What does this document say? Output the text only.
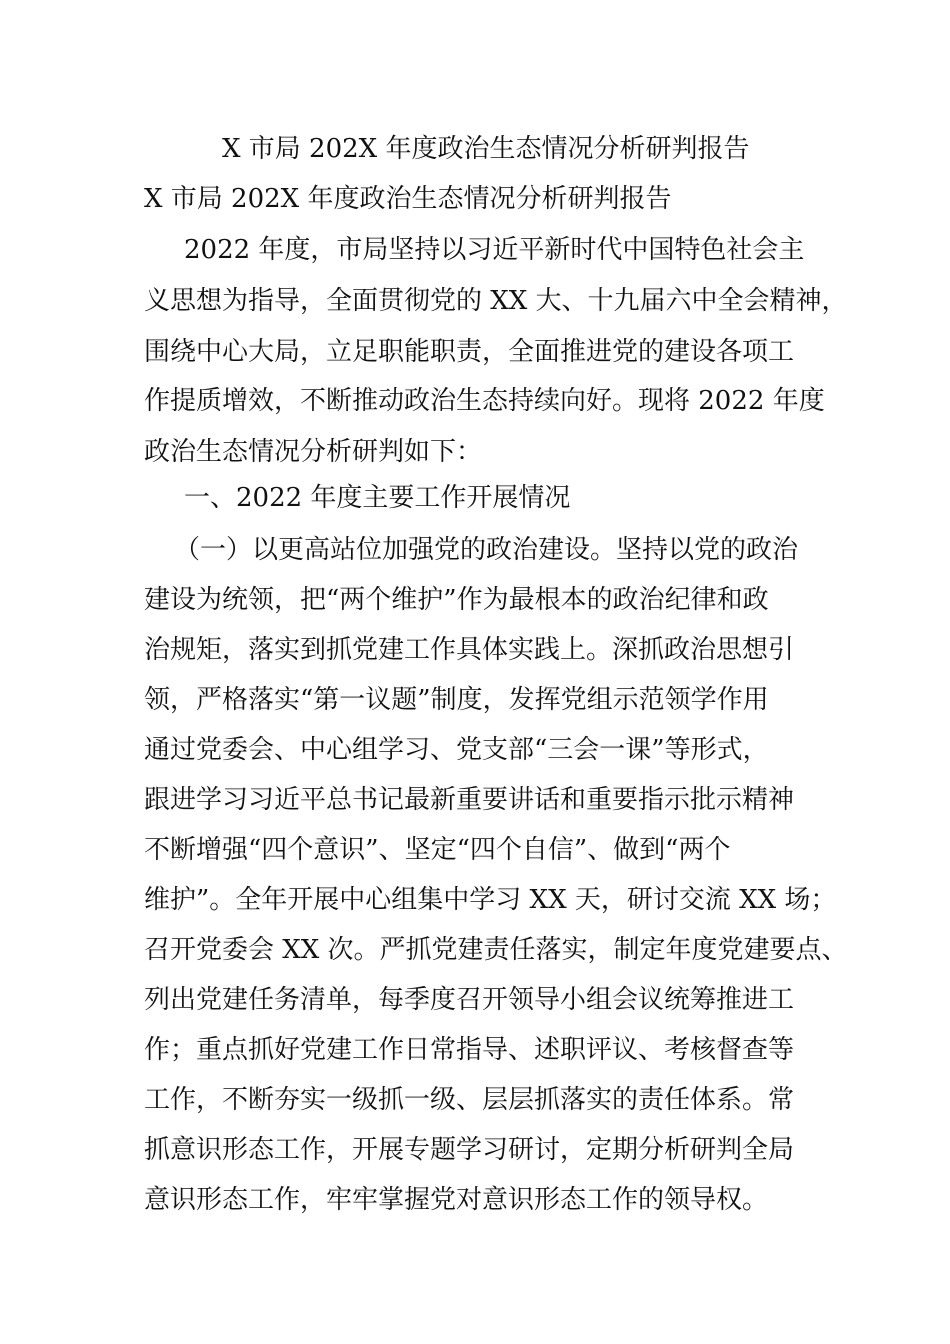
X 市局 202X 年度政治生态情况分析研判报告
X 市局 202X 年度政治生态情况分析研判报告
2022 年度，市局坚持以习近平新时代中国特色社会主
义思想为指导，全面贯彻党的 XX 大、十九届六中全会精神，
围绕中心大局，立足职能职责，全面推进党的建设各项工
作提质增效，不断推动政治生态持续向好。现将 2022 年度
政治生态情况分析研判如下：
一、2022 年度主要工作开展情况
（一）以更高站位加强党的政治建设。坚持以党的政治
建设为统领，把“两个维护”作为最根本的政治纪律和政
治规矩，落实到抓党建工作具体实践上。深抓政治思想引
领，严格落实“第一议题”制度，发挥党组示范领学作用
通过党委会、中心组学习、党支部“三会一课”等形式，
跟进学习习近平总书记最新重要讲话和重要指示批示精神
不断增强“四个意识”、坚定“四个自信”、做到“两个
维护”。全年开展中心组集中学习 XX 天，研讨交流 XX 场；
召开党委会 XX 次。严抓党建责任落实，制定年度党建要点、
列出党建任务清单，每季度召开领导小组会议统筹推进工
作；重点抓好党建工作日常指导、述职评议、考核督查等
工作，不断夯实一级抓一级、层层抓落实的责任体系。常
抓意识形态工作，开展专题学习研讨，定期分析研判全局
意识形态工作，牢牢掌握党对意识形态工作的领导权。
